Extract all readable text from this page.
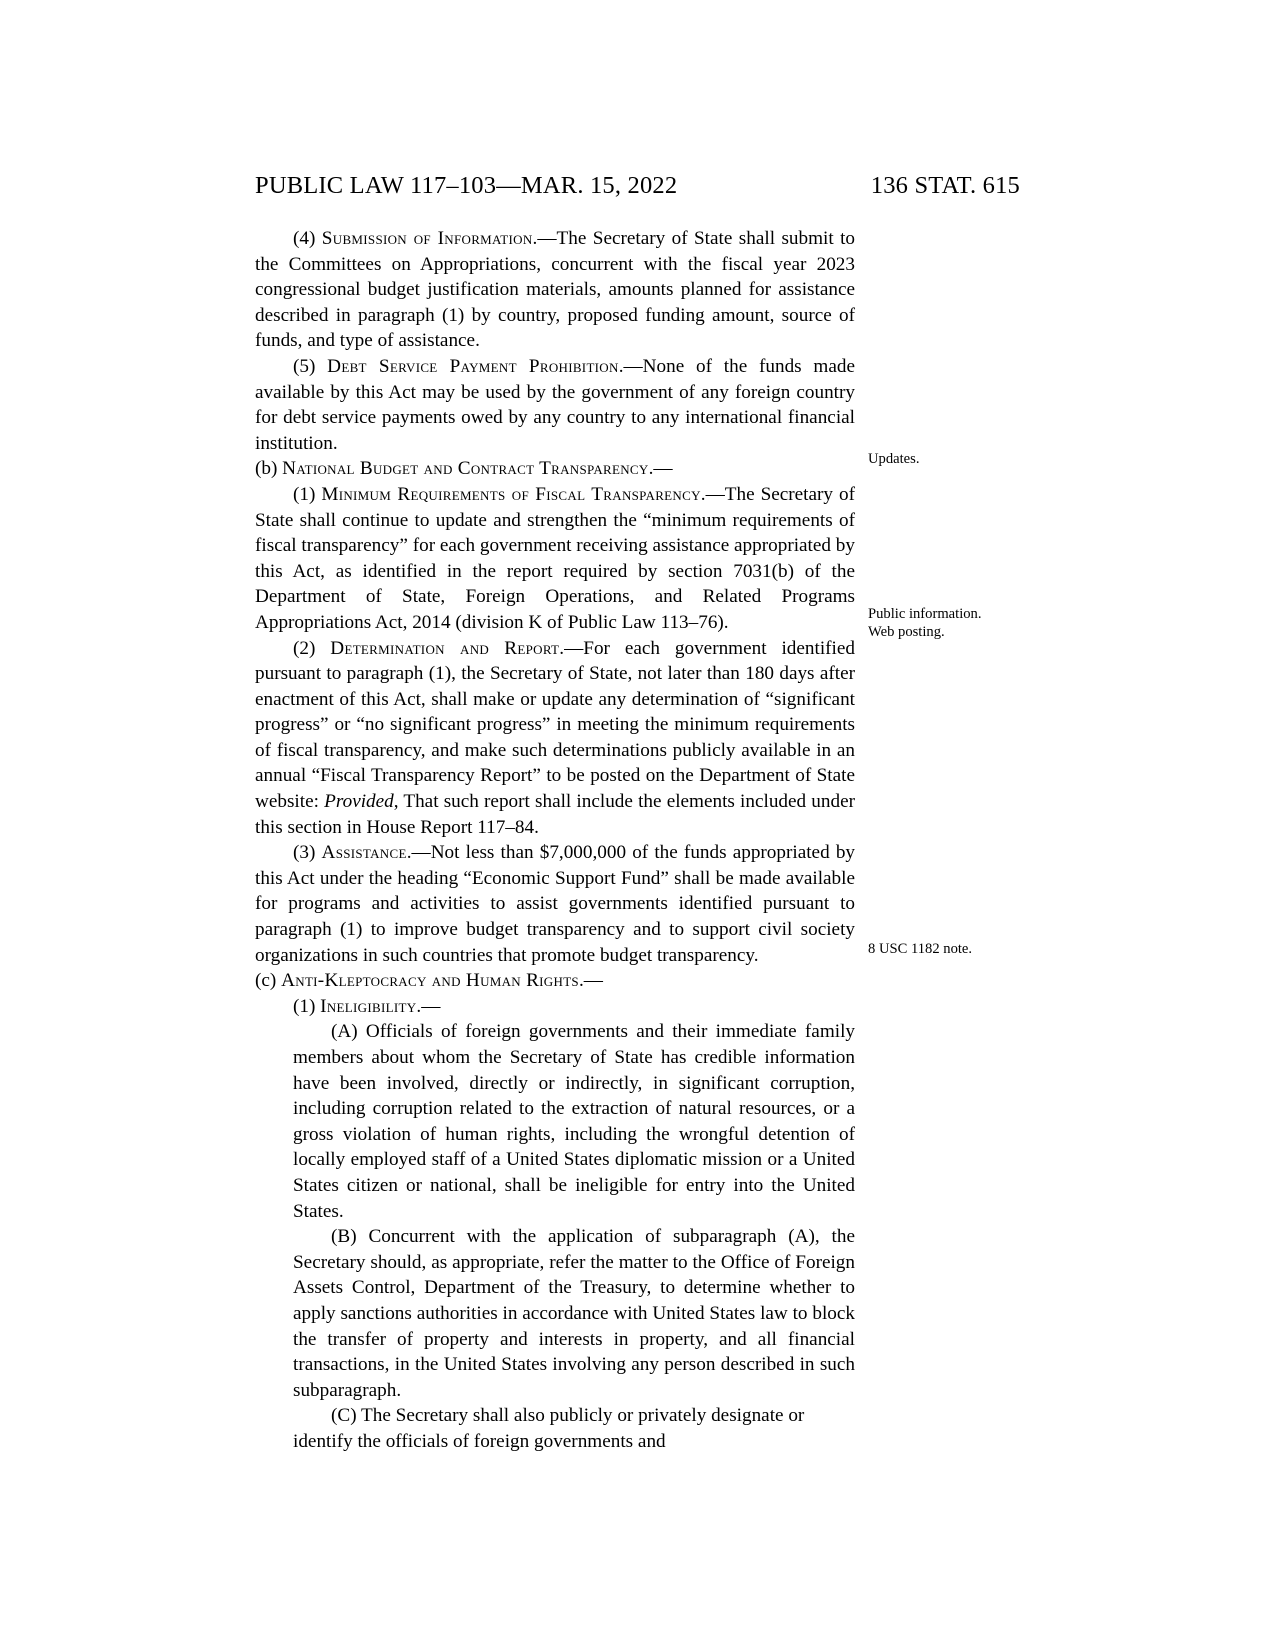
PUBLIC LAW 117–103—MAR. 15, 2022	136 STAT. 615

(4) Submission of Information.—The Secretary of State shall submit to the Committees on Appropriations, concurrent with the fiscal year 2023 congressional budget justification materials, amounts planned for assistance described in paragraph (1) by country, proposed funding amount, source of funds, and type of assistance.

(5) Debt Service Payment Prohibition.—None of the funds made available by this Act may be used by the government of any foreign country for debt service payments owed by any country to any international financial institution.

(b) National Budget and Contract Transparency.—

(1) Minimum Requirements of Fiscal Transparency.—The Secretary of State shall continue to update and strengthen the “minimum requirements of fiscal transparency” for each government receiving assistance appropriated by this Act, as identified in the report required by section 7031(b) of the Department of State, Foreign Operations, and Related Programs Appropriations Act, 2014 (division K of Public Law 113–76).

(2) Determination and Report.—For each government identified pursuant to paragraph (1), the Secretary of State, not later than 180 days after enactment of this Act, shall make or update any determination of “significant progress” or “no significant progress” in meeting the minimum requirements of fiscal transparency, and make such determinations publicly available in an annual “Fiscal Transparency Report” to be posted on the Department of State website: Provided, That such report shall include the elements included under this section in House Report 117–84.

(3) Assistance.—Not less than $7,000,000 of the funds appropriated by this Act under the heading “Economic Support Fund” shall be made available for programs and activities to assist governments identified pursuant to paragraph (1) to improve budget transparency and to support civil society organizations in such countries that promote budget transparency.

(c) Anti-Kleptocracy and Human Rights.—

(1) Ineligibility.—

(A) Officials of foreign governments and their immediate family members about whom the Secretary of State has credible information have been involved, directly or indirectly, in significant corruption, including corruption related to the extraction of natural resources, or a gross violation of human rights, including the wrongful detention of locally employed staff of a United States diplomatic mission or a United States citizen or national, shall be ineligible for entry into the United States.

(B) Concurrent with the application of subparagraph (A), the Secretary should, as appropriate, refer the matter to the Office of Foreign Assets Control, Department of the Treasury, to determine whether to apply sanctions authorities in accordance with United States law to block the transfer of property and interests in property, and all financial transactions, in the United States involving any person described in such subparagraph.

(C) The Secretary shall also publicly or privately designate or identify the officials of foreign governments and

Updates.
Public information.
Web posting.
8 USC 1182 note.
